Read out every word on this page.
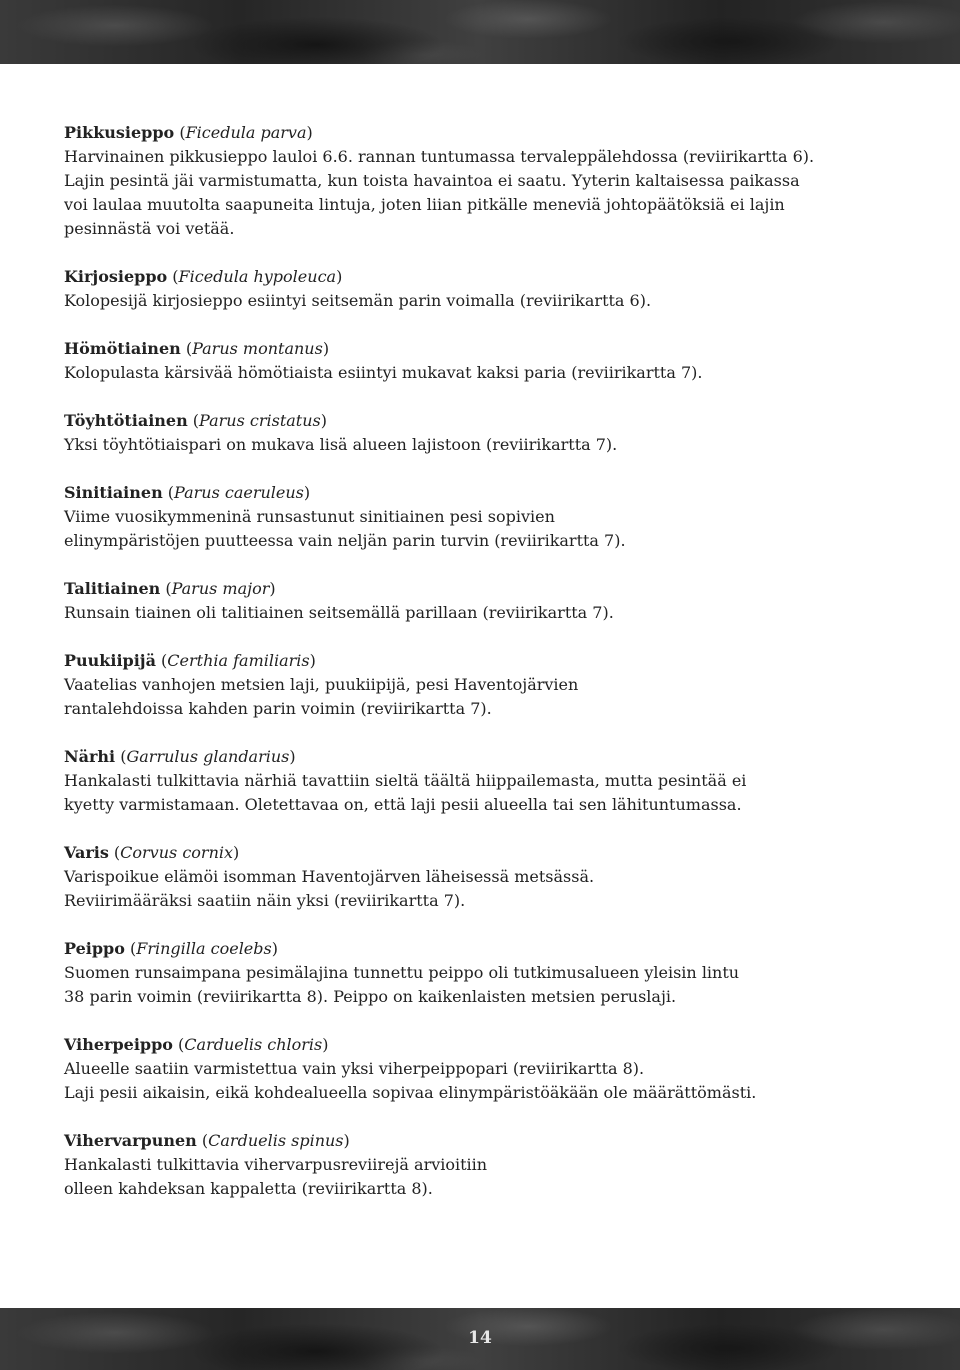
Pikkusieppo (Ficedula parva)

Harvinainen pikkusieppo lauloi 6.6. rannan tuntumassa tervaleppälehdossa (reviirikartta 6).
Lajin pesintä jäi varmistumatta, kun toista havaintoa ei saatu. Yyterin kaltaisessa paikassa
voi laulaa muutolta saapuneita lintuja, joten liian pitkälle meneviä johtopäätöksiä ei lajin
pesinnästä voi vetää.

Kirjosieppo (Ficedula hypoleuca)

Kolopesijä kirjosieppo esiintyi seitsemän parin voimalla (reviirikartta 6).

Hömötiainen (Parus montanus)

Kolopulasta kärsivää hömötiaista esiintyi mukavat kaksi paria (reviirikartta 7).

Töyhtötiainen (Parus cristatus)

Yksi töyhtötiaispari on mukava lisä alueen lajistoon (reviirikartta 7).

Sinitiainen (Parus caeruleus)

Viime vuosikymmeninä runsastunut sinitiainen pesi sopivien
elinympäristöjen puutteessa vain neljän parin turvin (reviirikartta 7).

Talitiainen (Parus major)

Runsain tiainen oli talitiainen seitsemällä parillaan (reviirikartta 7).

Puukiipijä (Certhia familiaris)

Vaatelias vanhojen metsien laji, puukiipijä, pesi Haventojärvien
rantalehdoissa kahden parin voimin (reviirikartta 7).

Närhi (Garrulus glandarius)

Hankalasti tulkittavia närhiä tavattiin sieltä täältä hiippailemasta, mutta pesintää ei
kyetty varmistamaan. Oletettavaa on, että laji pesii alueella tai sen lähituntumassa.

Varis (Corvus cornix)

Varispoikue elämöi isomman Haventojärven läheisessä metsässä.
Reviirimääräksi saatiin näin yksi (reviirikartta 7).

Peippo (Fringilla coelebs)

Suomen runsaimpana pesimälajina tunnettu peippo oli tutkimusalueen yleisin lintu
38 parin voimin (reviirikartta 8). Peippo on kaikenlaisten metsien peruslaji.

Viherpeippo (Carduelis chloris)

Alueelle saatiin varmistettua vain yksi viherpeippopari (reviirikartta 8).
Laji pesii aikaisin, eikä kohdealueella sopivaa elinympäristöäkään ole määrättömästi.

Vihervarpunen (Carduelis spinus)

Hankalasti tulkittavia vihervarpusreviirejä arvioitiin
olleen kahdeksan kappaletta (reviirikartta 8).

14
